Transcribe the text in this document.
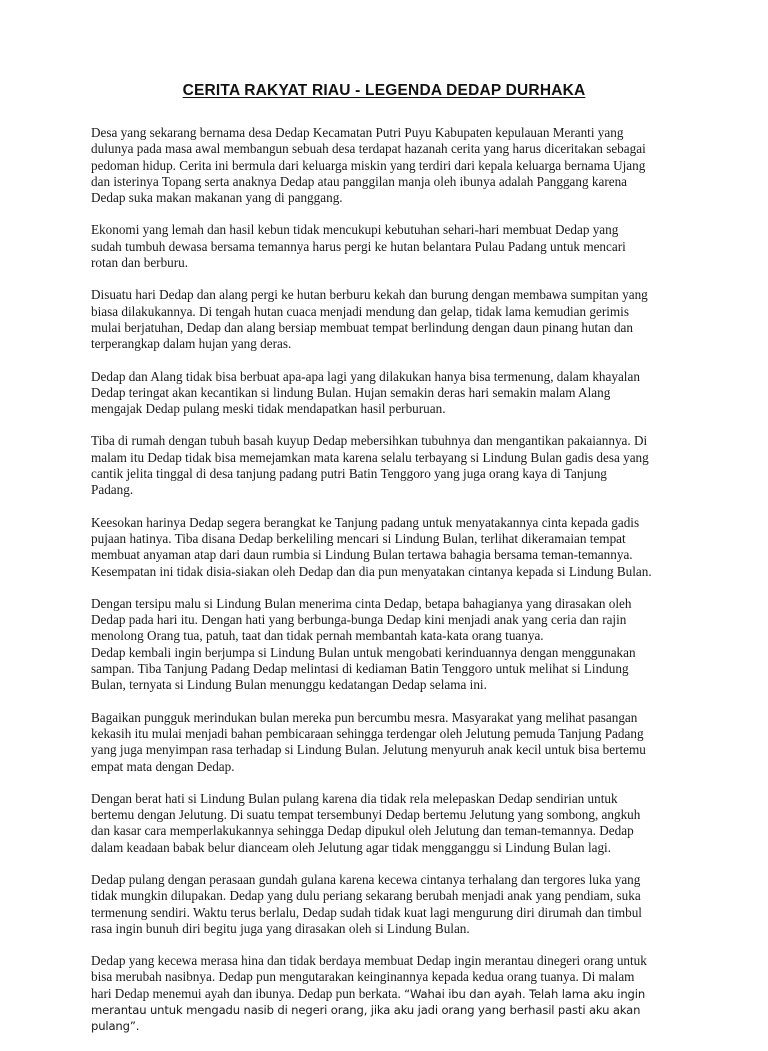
CERITA RAKYAT RIAU - LEGENDA DEDAP DURHAKA

Desa yang sekarang bernama desa Dedap Kecamatan Putri Puyu Kabupaten kepulauan Meranti yang
dulunya pada masa awal membangun sebuah desa terdapat hazanah cerita yang harus diceritakan sebagai
pedoman hidup. Cerita ini bermula dari keluarga miskin yang terdiri dari kepala keluarga bernama Ujang
dan isterinya Topang serta anaknya Dedap atau panggilan manja oleh ibunya adalah Panggang karena
Dedap suka makan makanan yang di panggang.

Ekonomi yang lemah dan hasil kebun tidak mencukupi kebutuhan sehari-hari membuat Dedap yang
sudah tumbuh dewasa bersama temannya harus pergi ke hutan belantara Pulau Padang untuk mencari
rotan dan berburu.

Disuatu hari Dedap dan alang pergi ke hutan berburu kekah dan burung dengan membawa sumpitan yang
biasa dilakukannya. Di tengah hutan cuaca menjadi mendung dan gelap, tidak lama kemudian gerimis
mulai berjatuhan, Dedap dan alang bersiap membuat tempat berlindung dengan daun pinang hutan dan
terperangkap dalam hujan yang deras.

Dedap dan Alang tidak bisa berbuat apa-apa lagi yang dilakukan hanya bisa termenung, dalam khayalan
Dedap teringat akan kecantikan si lindung Bulan. Hujan semakin deras hari semakin malam Alang
mengajak Dedap pulang meski tidak mendapatkan hasil perburuan.

Tiba di rumah dengan tubuh basah kuyup Dedap mebersihkan tubuhnya dan mengantikan pakaiannya. Di
malam itu Dedap tidak bisa memejamkan mata karena selalu terbayang si Lindung Bulan gadis desa yang
cantik jelita tinggal di desa tanjung padang putri Batin Tenggoro yang juga orang kaya di Tanjung
Padang.

Keesokan harinya Dedap segera berangkat ke Tanjung padang untuk menyatakannya cinta kepada gadis
pujaan hatinya. Tiba disana Dedap berkeliling mencari si Lindung Bulan, terlihat dikeramaian tempat
membuat anyaman atap dari daun rumbia si Lindung Bulan tertawa bahagia bersama teman-temannya.
Kesempatan ini tidak disia-siakan oleh Dedap dan dia pun menyatakan cintanya kepada si Lindung Bulan.

Dengan tersipu malu si Lindung Bulan menerima cinta Dedap, betapa bahagianya yang dirasakan oleh
Dedap pada hari itu. Dengan hati yang berbunga-bunga Dedap kini menjadi anak yang ceria dan rajin
menolong Orang tua, patuh, taat dan tidak pernah membantah kata-kata orang tuanya.
Dedap kembali ingin berjumpa si Lindung Bulan untuk mengobati kerinduannya dengan menggunakan
sampan. Tiba Tanjung Padang Dedap melintasi di kediaman Batin Tenggoro untuk melihat si Lindung
Bulan, ternyata si Lindung Bulan menunggu kedatangan Dedap selama ini.

Bagaikan pungguk merindukan bulan mereka pun bercumbu mesra. Masyarakat yang melihat pasangan
kekasih itu mulai menjadi bahan pembicaraan sehingga terdengar oleh Jelutung pemuda Tanjung Padang
yang juga menyimpan rasa terhadap si Lindung Bulan. Jelutung menyuruh anak kecil untuk bisa bertemu
empat mata dengan Dedap.

Dengan berat hati si Lindung Bulan pulang karena dia tidak rela melepaskan Dedap sendirian untuk
bertemu dengan Jelutung. Di suatu tempat tersembunyi Dedap bertemu Jelutung yang sombong, angkuh
dan kasar cara memperlakukannya sehingga Dedap dipukul oleh Jelutung dan teman-temannya. Dedap
dalam keadaan babak belur dianceam oleh Jelutung agar tidak mengganggu si Lindung Bulan lagi.

Dedap pulang dengan perasaan gundah gulana karena kecewa cintanya terhalang dan tergores luka yang
tidak mungkin dilupakan. Dedap yang dulu periang sekarang berubah menjadi anak yang pendiam, suka
termenung sendiri. Waktu terus berlalu, Dedap sudah tidak kuat lagi mengurung diri dirumah dan timbul
rasa ingin bunuh diri begitu juga yang dirasakan oleh si Lindung Bulan.

Dedap yang kecewa merasa hina dan tidak berdaya membuat Dedap ingin merantau dinegeri orang untuk
bisa merubah nasibnya. Dedap pun mengutarakan keinginannya kepada kedua orang tuanya. Di malam
hari Dedap menemui ayah dan ibunya. Dedap pun berkata. “Wahai ibu dan ayah. Telah lama aku ingin
merantau untuk mengadu nasib di negeri orang, jika aku jadi orang yang berhasil pasti aku akan pulang”.
